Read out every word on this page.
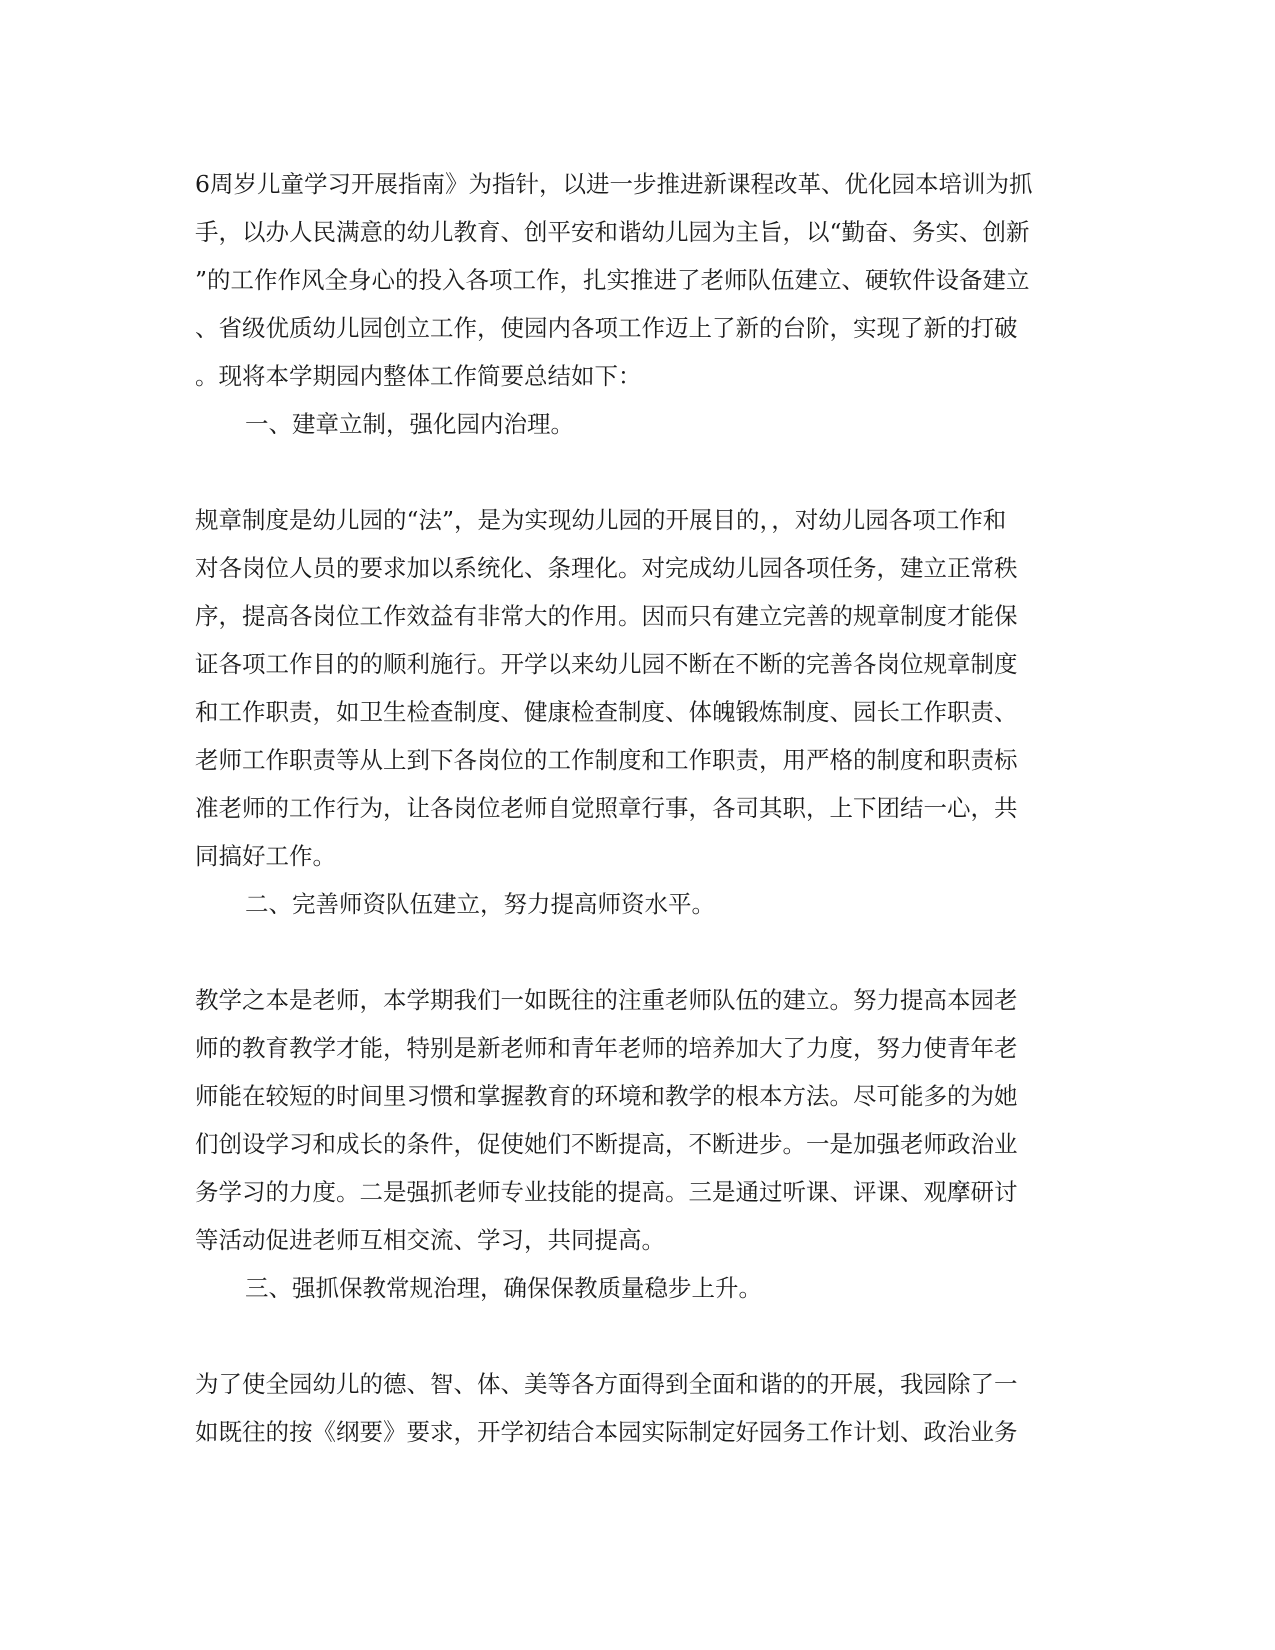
6周岁儿童学习开展指南》为指针，以进一步推进新课程改革、优化园本培训为抓
手，以办人民满意的幼儿教育、创平安和谐幼儿园为主旨，以“勤奋、务实、创新
”的工作作风全身心的投入各项工作，扎实推进了老师队伍建立、硬软件设备建立
、省级优质幼儿园创立工作，使园内各项工作迈上了新的台阶，实现了新的打破
。现将本学期园内整体工作简要总结如下：
一、建章立制，强化园内治理。
规章制度是幼儿园的“法”，是为实现幼儿园的开展目的，，对幼儿园各项工作和
对各岗位人员的要求加以系统化、条理化。对完成幼儿园各项任务，建立正常秩
序，提高各岗位工作效益有非常大的作用。因而只有建立完善的规章制度才能保
证各项工作目的的顺利施行。开学以来幼儿园不断在不断的完善各岗位规章制度
和工作职责，如卫生检查制度、健康检查制度、体魄锻炼制度、园长工作职责、
老师工作职责等从上到下各岗位的工作制度和工作职责，用严格的制度和职责标
准老师的工作行为，让各岗位老师自觉照章行事，各司其职，上下团结一心，共
同搞好工作。
二、完善师资队伍建立，努力提高师资水平。
教学之本是老师，本学期我们一如既往的注重老师队伍的建立。努力提高本园老
师的教育教学才能，特别是新老师和青年老师的培养加大了力度，努力使青年老
师能在较短的时间里习惯和掌握教育的环境和教学的根本方法。尽可能多的为她
们创设学习和成长的条件，促使她们不断提高，不断进步。一是加强老师政治业
务学习的力度。二是强抓老师专业技能的提高。三是通过听课、评课、观摩研讨
等活动促进老师互相交流、学习，共同提高。
三、强抓保教常规治理，确保保教质量稳步上升。
为了使全园幼儿的德、智、体、美等各方面得到全面和谐的的开展，我园除了一
如既往的按《纲要》要求，开学初结合本园实际制定好园务工作计划、政治业务
